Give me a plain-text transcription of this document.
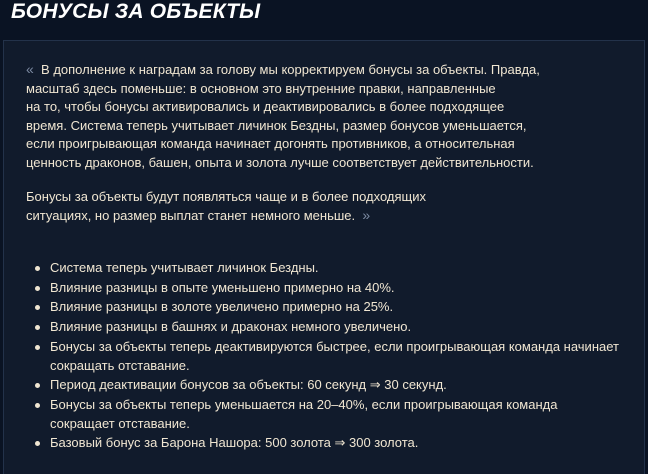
БОНУСЫ ЗА ОБЪЕКТЫ

« В дополнение к наградам за голову мы корректируем бонусы за объекты. Правда,

масштаб здесь поменьше: в основном это внутренние правки, направленные

на то, чтобы бонусы активировались и деактивировались в более подходящее

время. Система теперь учитывает личинок Бездны, размер бонусов уменьшается,

если проигрывающая команда начинает догонять противников, а относительная

ценность драконов, башен, опыта и золота лучше соответствует действительности.

Бонусы за объекты будут появляться чаще и в более подходящих

ситуациях, но размер выплат станет немного меньше. »

Система теперь учитывает личинок Бездны.
Влияние разницы в опыте уменьшено примерно на 40%.
Влияние разницы в золоте увеличено примерно на 25%.
Влияние разницы в башнях и драконах немного увеличено.
Бонусы за объекты теперь деактивируются быстрее, если проигрывающая команда начинает
сокращать отставание.
Период деактивации бонусов за объекты: 60 секунд ⇒ 30 секунд.
Бонусы за объекты теперь уменьшается на 20–40%, если проигрывающая команда
сокращает отставание.
Базовый бонус за Барона Нашора: 500 золота ⇒ 300 золота.
